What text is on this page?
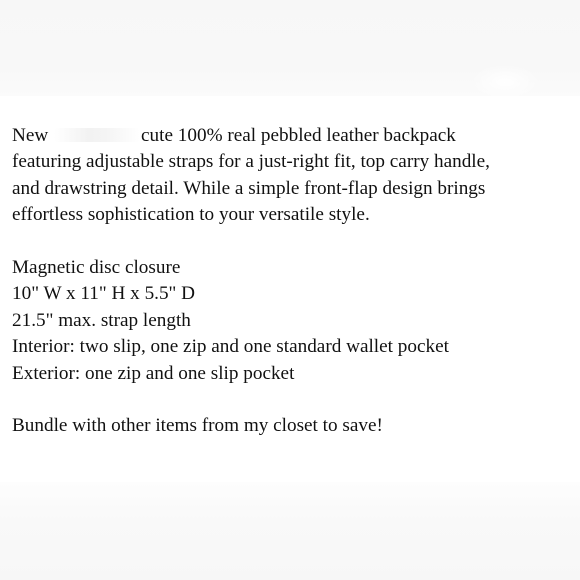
New	cute 100% real pebbled leather backpack
featuring adjustable straps for a just-right fit, top carry handle,
and drawstring detail. While a simple front-flap design brings
effortless sophistication to your versatile style.

Magnetic disc closure
10" W x 11" H x 5.5" D
21.5" max. strap length
Interior: two slip, one zip and one standard wallet pocket
Exterior: one zip and one slip pocket

Bundle with other items from my closet to save!
